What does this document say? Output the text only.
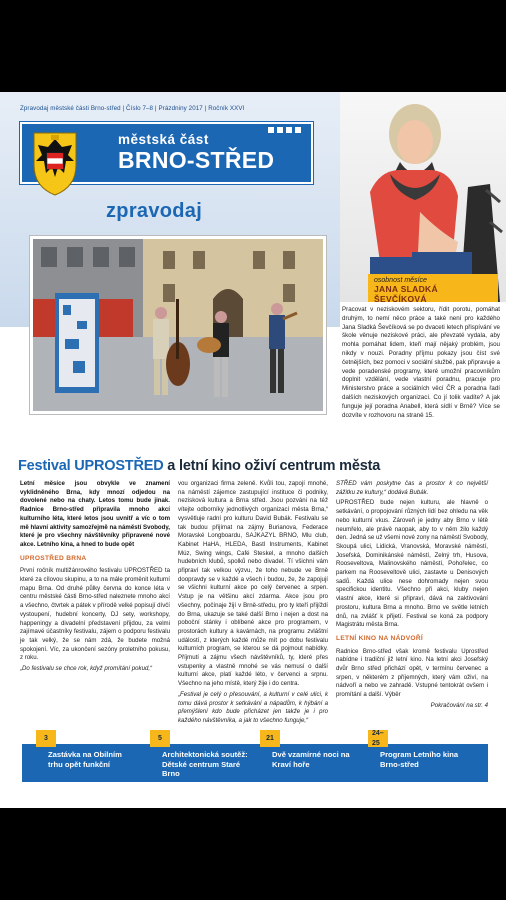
Zpravodaj městské části Brno-střed | Číslo 7–8 | Prázdniny 2017 | Ročník XXVI
městská část
BRNO-STŘED
zpravodaj
osobnost měsíce
JANA SLADKÁ ŠEVČÍKOVÁ
Pracovat v neziskovém sektoru, řídit porotu, pomáhat druhým, to nemí něco práce a také není pro každého Jana Sladká Ševčíková se po dvaceti letech přispívání ve škole věnuje neziskové práci, ale převzaté vydala, aby mohla pomáhat lidem, kteří mají nějaký problém, jsou nikdy v nouzi. Poradny příjmu pokazy jsou číst své četnějších, bez pomoci v sociální službě, pak připravuje a vede poradenské programy, které umožní pracovníkům doplnit vzdělání, vede vlastní poradnu, pracuje pro Ministerstvo práce a sociálních věcí ČR a poradna řadí dalších neziskových organizací. Co jí tolik vadíte? A jak funguje její poradna Anabell, která sídlí v Brně? Více se dozvíte v rozhovoru na straně 15.
Festival UPROSTŘED a letní kino oživí centrum města

Letní měsíce jsou obvykle ve znamení vyklidněného Brna, kdy mnozí odjedou na dovolené nebo na chaty. Letos tomu bude jinak. Radnice Brno-střed připravila mnoho akcí kulturního léta, které letos jsou uvnitř a víc o tom mě hlavní aktivity samozřejmě na náměstí Svobody, které je pro všechny návštěvníky připravené nové akce. Letního kina, a hned to bude opět

UPROSTŘED BRNA

První ročník multižánrového festivalu UPROSTŘED ta které za cílovou skupinu, a to na mále proměnit kulturní mapu Brna. Od druhé půlky června do konce léta v centru městské části Brno-střed naleznete mnoho akcí a všechno, čtvrtek a pátek v přírodě velké popisují dívčí vystoupení, hudební koncerty, DJ sety, workshopy, happeningy a divadelní představení přijdou, za velmi zajímavé účastníky festivalu, zájem o podporu festivalu je tak velký, že se nám zdá, že budete možná spokojení. Víc, za ukončení sezóny proletního pokusu, z roku.

„Do festivalu se chce rok, když promítání pokud,“

vou organizaci firma zeleně. Kvůli tou, zapojí mnohé, na náměstí zájemce zastupující instituce či podniky, nezisková kultura a Brna střed. Jsou pozváni na též vítejte odborníky jednotlivých organizací města Brna,“ vysvětluje radní pro kulturu David Bubák. Festivalu se tak budou přijímat na zájmy Burianova, Federace Moravské Longboardu, SAJKAZYL BRNO, Mlu club, Kabinet HaHA, HLEDA, Bastl Instruments, Kabinet Múz, Swing wings, Café Steskel, a mnoho dalších hudebních klubů, spolků nebo divadel. Tí všichni vám připraví tak velkou výzvu, že toho nebude ve Brně doopravdy se v každé a všech i budou, že, že zapojují se všichni kulturní akce po celý červenec a srpen. Vstup je na většinu akcí zdarma. Akce jsou pro všechny, počínaje žijí v Brně-středu, pro ty kteří přijíždí do Brna, ukazuje se také další Brno i nejen a dost na poboční stánky i oblíbené akce pro programem, v prostorách kultury a kavárnách, na programu zvláštní událostí, z kterých každé může mít po dobu festivalu kulturních program, se kterou se dá pojmout nabídky. Příjmutí a zájmu všech návštěvníků, ty, které přes vstupenky a vlastně mnohé se vás nemusí o další kulturní akce, platí každé léto, v červenci a srpnu. Všechno na jeho místě, který žije i do centra.

„Festival je celý o přesouvání, a kulturní v celé ulici, k tomu dává prostor k setkávání a nápadům, k hýbání a přemýšlení kdo bude přicházet jen takže je i pro každého návštěvníka, a jak to všechno funguje,“

STŘED vám poskytne čas a prostor k co největší zážitku ze kultury,“ dodává Bubák.

UPROSTŘED bude nejen kulturu, ale hlavně o setkávání, o propojování různých lidí bez ohledu na věk nebo kulturní vkus. Zároveň je jedny aby Brno v létě neumřelo, ale právě naopak, aby to v něm žilo každý den. Jedná se už všemi nové zony na náměstí Svobody, Skoupá ulici, Lidická, Vranovská, Moravské náměstí, Josefská, Dominikánské náměstí, Zelný trh, Husova, Rooseveltova, Malinovského náměstí, Pohořelec, co parkem na Rooseveltově ulici, zastavte u Denisových sadů. Každá ulice nese dohromady nejen svou specifickou identitu. Všechno při akci, kluby nejen vlastní akce, které si připraví, dává na zaktivování prostoru, kultura Brna a mnoho. Brno ve světle letních dnů, na zvlášť k přijetí. Festival se koná za podpory Magistrátu města Brna.

LETNÍ KINO NA NÁDVOŘÍ

Radnice Brno-střed však kromě festivalu Uprostřed nabídne i tradiční již letní kino. Na letní akci Josefský dvůr Brno střed přichází opět, v termínu červenec a srpen, v některém z příjemných, který vám oživí, na nádvoří a nebo ve zahradě. Vstupné tentokrát ovšem i promítání a další. Výběr

Pokračování na str. 4

3
Zastávka na Obilním trhu opět funkční
5
Architektonická soutěž: Dětské centrum Staré Brno
21
Dvě vzamírné noci na Kraví hoře
24–25
Program Letního kina Brno-střed
